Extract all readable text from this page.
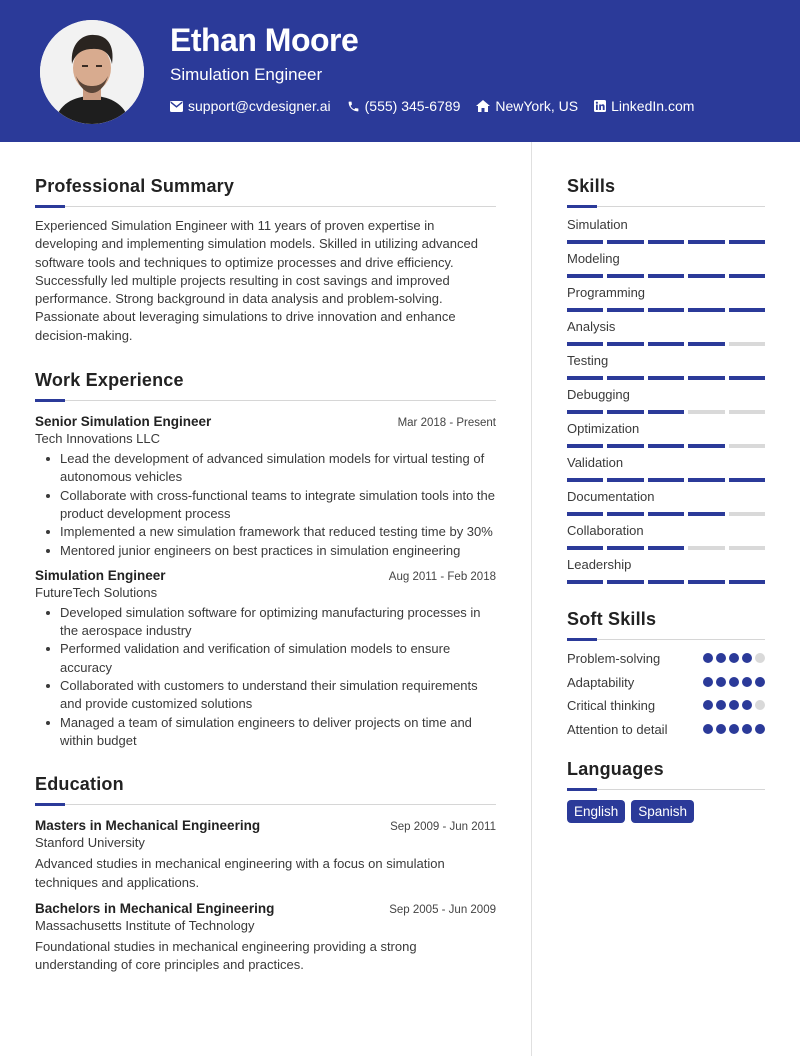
Ethan Moore
Simulation Engineer
support@cvdesigner.ai (555) 345-6789	NewYork, US LinkedIn.com
Professional Summary

Experienced Simulation Engineer with 11 years of proven expertise in developing and implementing simulation models. Skilled in utilizing advanced software tools and techniques to optimize processes and drive efficiency. Successfully led multiple projects resulting in cost savings and improved performance. Strong background in data analysis and problem-solving. Passionate about leveraging simulations to drive innovation and enhance decision-making.

Work Experience
Senior Simulation Engineer	Mar 2018 - Present
Tech Innovations LLC
Lead the development of advanced simulation models for virtual testing of autonomous vehicles
Collaborate with cross-functional teams to integrate simulation tools into the product development process
Implemented a new simulation framework that reduced testing time by 30%
Mentored junior engineers on best practices in simulation engineering
Simulation Engineer	Aug 2011 - Feb 2018
FutureTech Solutions
Developed simulation software for optimizing manufacturing processes in the aerospace industry
Performed validation and verification of simulation models to ensure accuracy
Collaborated with customers to understand their simulation requirements and provide customized solutions
Managed a team of simulation engineers to deliver projects on time and within budget
Education
Masters in Mechanical Engineering	Sep 2009 - Jun 2011
Stanford University

Advanced studies in mechanical engineering with a focus on simulation techniques and applications.

Bachelors in Mechanical Engineering	Sep 2005 - Jun 2009
Massachusetts Institute of Technology

Foundational studies in mechanical engineering providing a strong understanding of core principles and practices.

Skills
Simulation
Modeling
Programming
Analysis
Testing
Debugging
Optimization
Validation
Documentation
Collaboration
Leadership
Soft Skills
Problem-solving
Adaptability
Critical thinking
Attention to detail
Languages
English	Spanish
